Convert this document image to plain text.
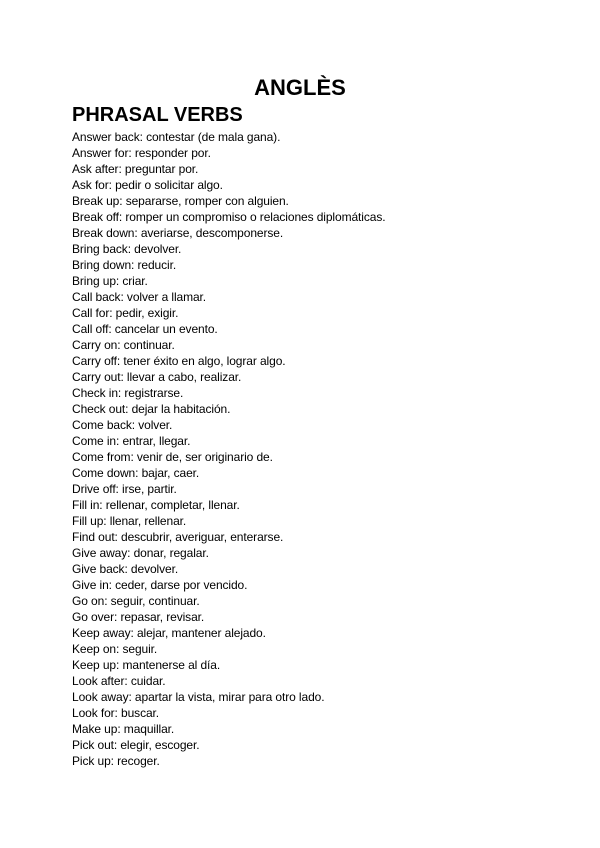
ANGLÈS
PHRASAL VERBS
Answer back: contestar (de mala gana).
Answer for: responder por.
Ask after: preguntar por.
Ask for: pedir o solicitar algo.
Break up: separarse, romper con alguien.
Break off: romper un compromiso o relaciones diplomáticas.
Break down: averiarse, descomponerse.
Bring back: devolver.
Bring down: reducir.
Bring up: criar.
Call back: volver a llamar.
Call for: pedir, exigir.
Call off: cancelar un evento.
Carry on: continuar.
Carry off: tener éxito en algo, lograr algo.
Carry out: llevar a cabo, realizar.
Check in: registrarse.
Check out: dejar la habitación.
Come back: volver.
Come in: entrar, llegar.
Come from: venir de, ser originario de.
Come down: bajar, caer.
Drive off: irse, partir.
Fill in: rellenar, completar, llenar.
Fill up: llenar, rellenar.
Find out: descubrir, averiguar, enterarse.
Give away: donar, regalar.
Give back: devolver.
Give in: ceder, darse por vencido.
Go on: seguir, continuar.
Go over: repasar, revisar.
Keep away: alejar, mantener alejado.
Keep on: seguir.
Keep up: mantenerse al día.
Look after: cuidar.
Look away: apartar la vista, mirar para otro lado.
Look for: buscar.
Make up: maquillar.
Pick out: elegir, escoger.
Pick up: recoger.
